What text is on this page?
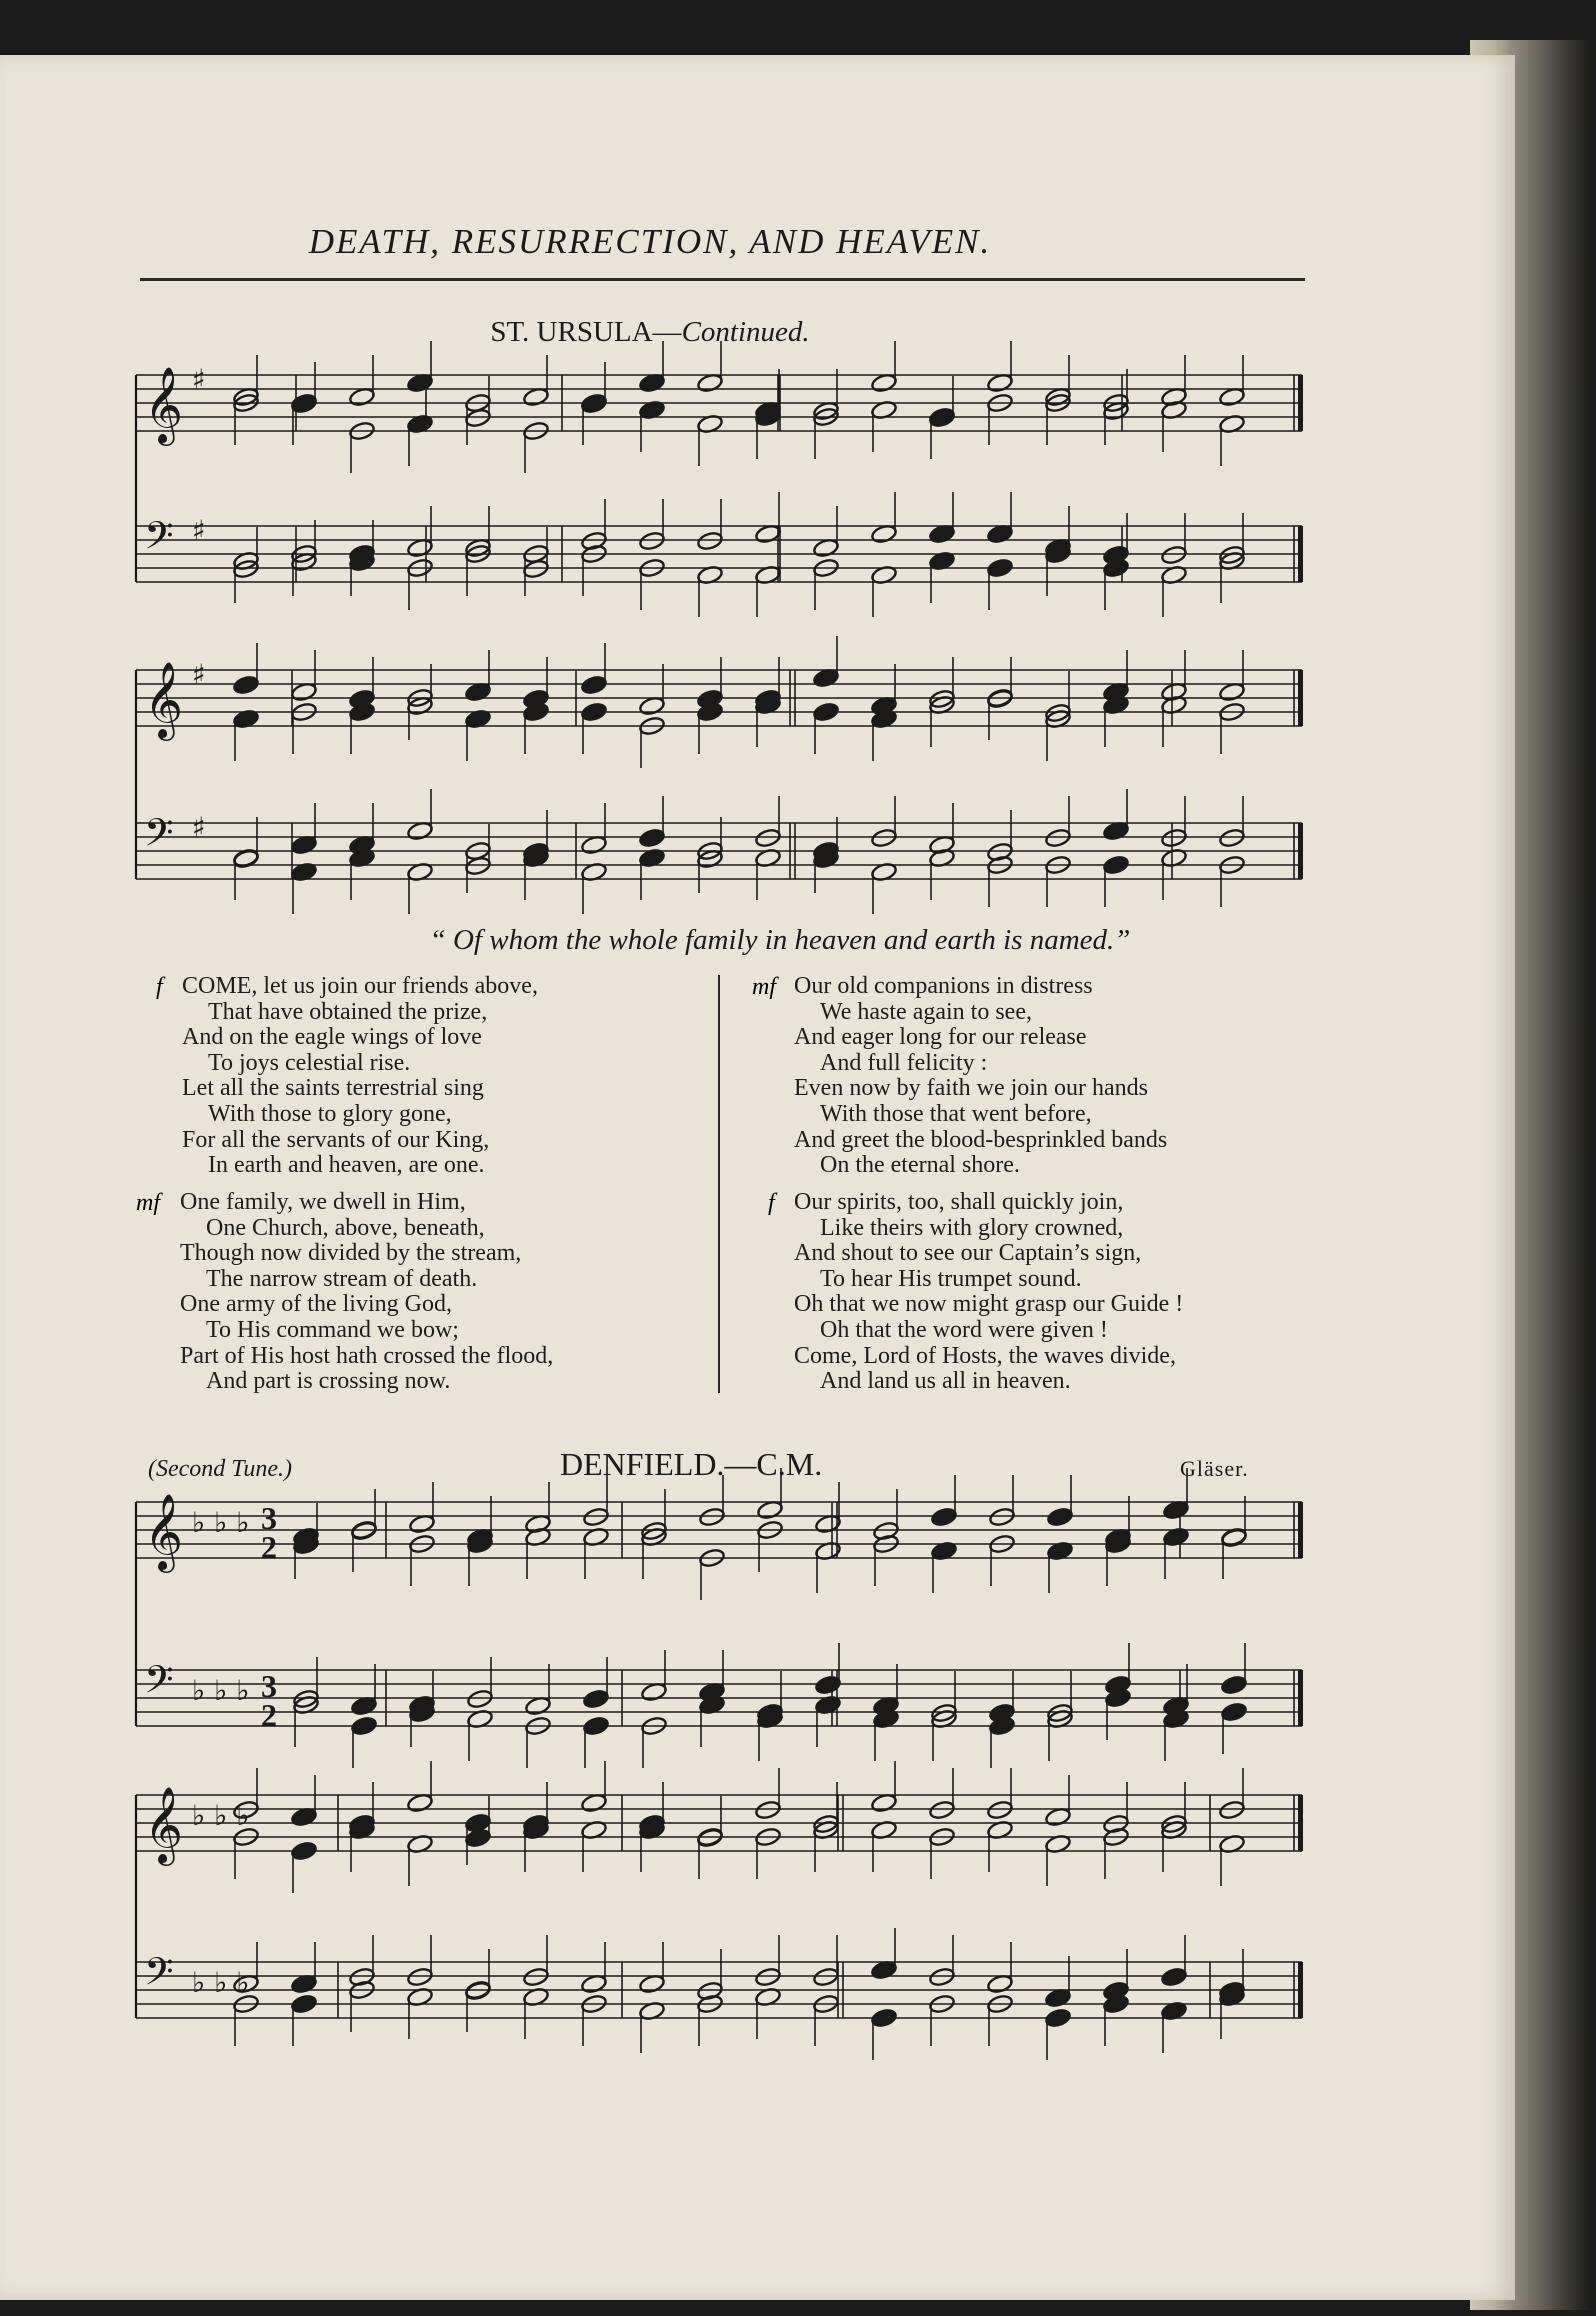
DEATH, RESURRECTION, AND HEAVEN.
ST. URSULA—Continued.
𝄞 ♯
𝄢 ♯
𝄞 ♯
𝄢 ♯
𝄞 ♭ ♭ ♭ 3
2
𝄢 ♭ ♭ ♭ 3
2
𝄞 ♭ ♭ ♭
𝄢 ♭ ♭ ♭
“ Of whom the whole family in heaven and earth is named.”
f COME, let us join our friends above,

That have obtained the prize,

And on the eagle wings of love

To joys celestial rise.

Let all the saints terrestrial sing

With those to glory gone,

For all the servants of our King,

In earth and heaven, are one.

mf One family, we dwell in Him,

One Church, above, beneath,

Though now divided by the stream,

The narrow stream of death.

One army of the living God,

To His command we bow;

Part of His host hath crossed the flood,

And part is crossing now.

mf Our old companions in distress

We haste again to see,

And eager long for our release

And full felicity :

Even now by faith we join our hands

With those that went before,

And greet the blood-besprinkled bands

On the eternal shore.

f Our spirits, too, shall quickly join,

Like theirs with glory crowned,

And shout to see our Captain’s sign,

To hear His trumpet sound.

Oh that we now might grasp our Guide !

Oh that the word were given !

Come, Lord of Hosts, the waves divide,

And land us all in heaven.

(Second Tune.)	DENFIELD.—C.M.	Gläser.
